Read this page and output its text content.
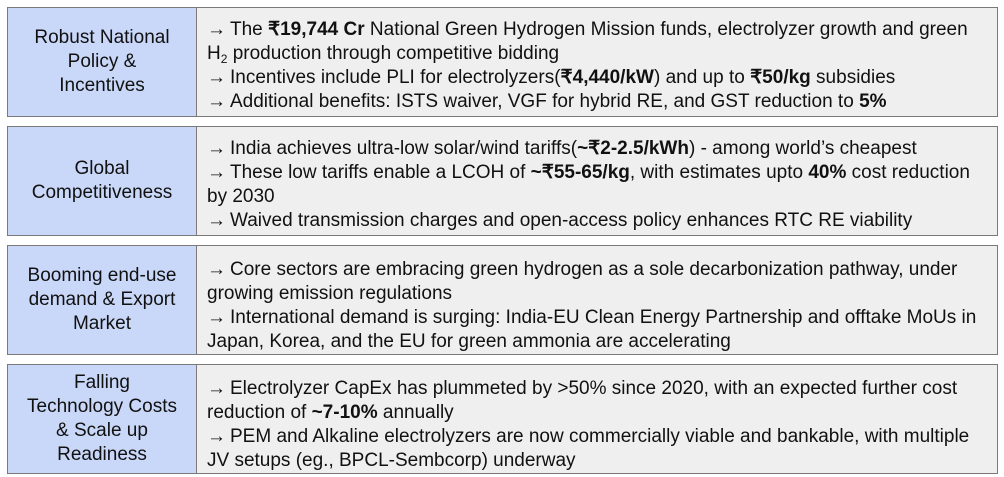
Robust National
Policy &
Incentives
→ The ₹19,744 Cr National Green Hydrogen Mission funds, electrolyzer growth and green $H_2$ production through competitive bidding
→ Incentives include PLI for electrolyzers(₹4,440/kW) and up to ₹50/kg subsidies
→ Additional benefits: ISTS waiver, VGF for hybrid RE, and GST reduction to 5%
Global
Competitiveness
→ India achieves ultra-low solar/wind tariffs(~₹2-2.5/kWh) - among world’s cheapest
→ These low tariffs enable a LCOH of ~₹55-65/kg, with estimates upto 40% cost reduction by 2030
→ Waived transmission charges and open-access policy enhances RTC RE viability
Booming end-use
demand & Export
Market
→ Core sectors are embracing green hydrogen as a sole decarbonization pathway, under growing emission regulations
→ International demand is surging: India-EU Clean Energy Partnership and offtake MoUs in Japan, Korea, and the EU for green ammonia are accelerating
Falling
Technology Costs
& Scale up
Readiness
→ Electrolyzer CapEx has plummeted by >50% since 2020, with an expected further cost reduction of ~7-10% annually
→ PEM and Alkaline electrolyzers are now commercially viable and bankable, with multiple JV setups (eg., BPCL-Sembcorp) underway
